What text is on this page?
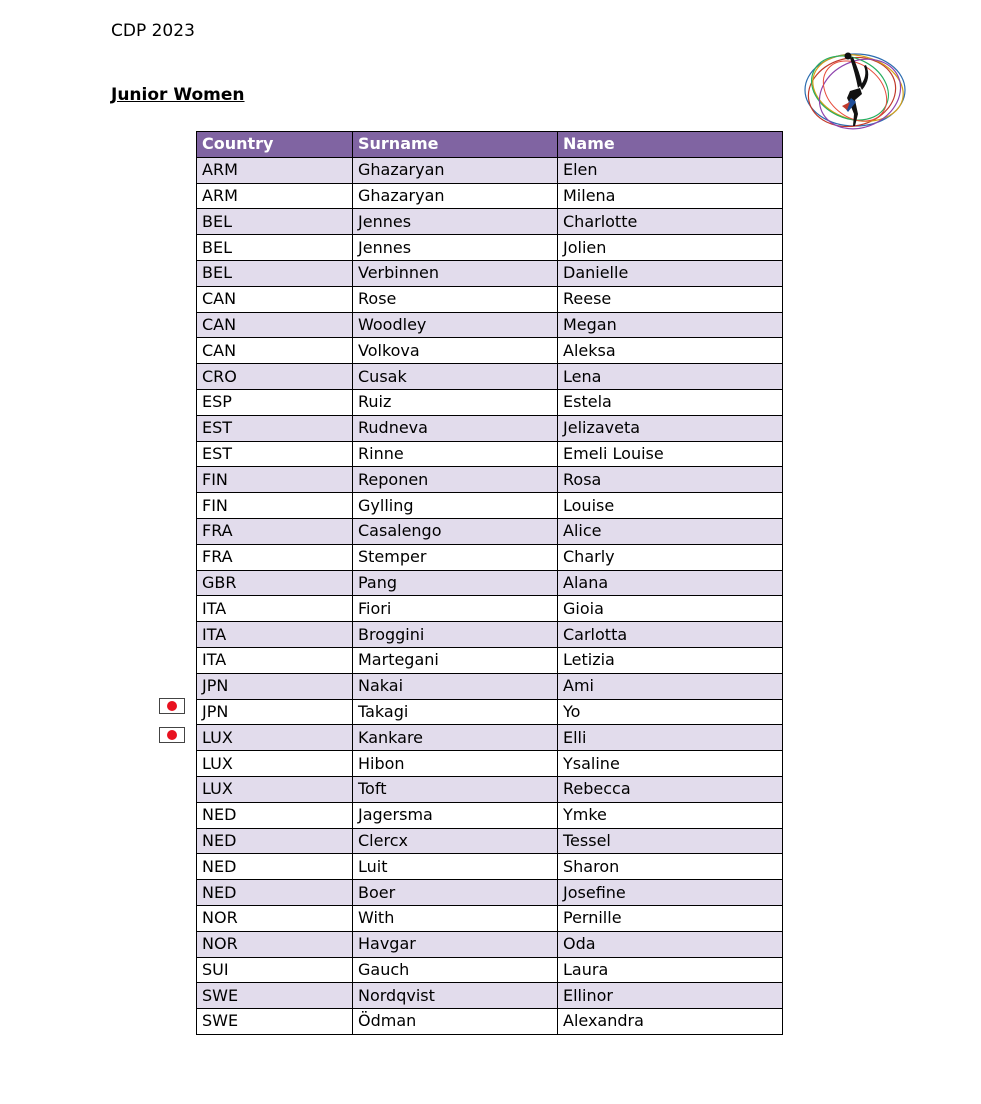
CDP 2023
Junior Women
Country	Surname	Name
ARM	Ghazaryan	Elen
ARM	Ghazaryan	Milena
BEL	Jennes	Charlotte
BEL	Jennes	Jolien
BEL	Verbinnen	Danielle
CAN	Rose	Reese
CAN	Woodley	Megan
CAN	Volkova	Aleksa
CRO	Cusak	Lena
ESP	Ruiz	Estela
EST	Rudneva	Jelizaveta
EST	Rinne	Emeli Louise
FIN	Reponen	Rosa
FIN	Gylling	Louise
FRA	Casalengo	Alice
FRA	Stemper	Charly
GBR	Pang	Alana
ITA	Fiori	Gioia
ITA	Broggini	Carlotta
ITA	Martegani	Letizia
JPN	Nakai	Ami
JPN	Takagi	Yo
LUX	Kankare	Elli
LUX	Hibon	Ysaline
LUX	Toft	Rebecca
NED	Jagersma	Ymke
NED	Clercx	Tessel
NED	Luit	Sharon
NED	Boer	Josefine
NOR	With	Pernille
NOR	Havgar	Oda
SUI	Gauch	Laura
SWE	Nordqvist	Ellinor
SWE	Ödman	Alexandra
